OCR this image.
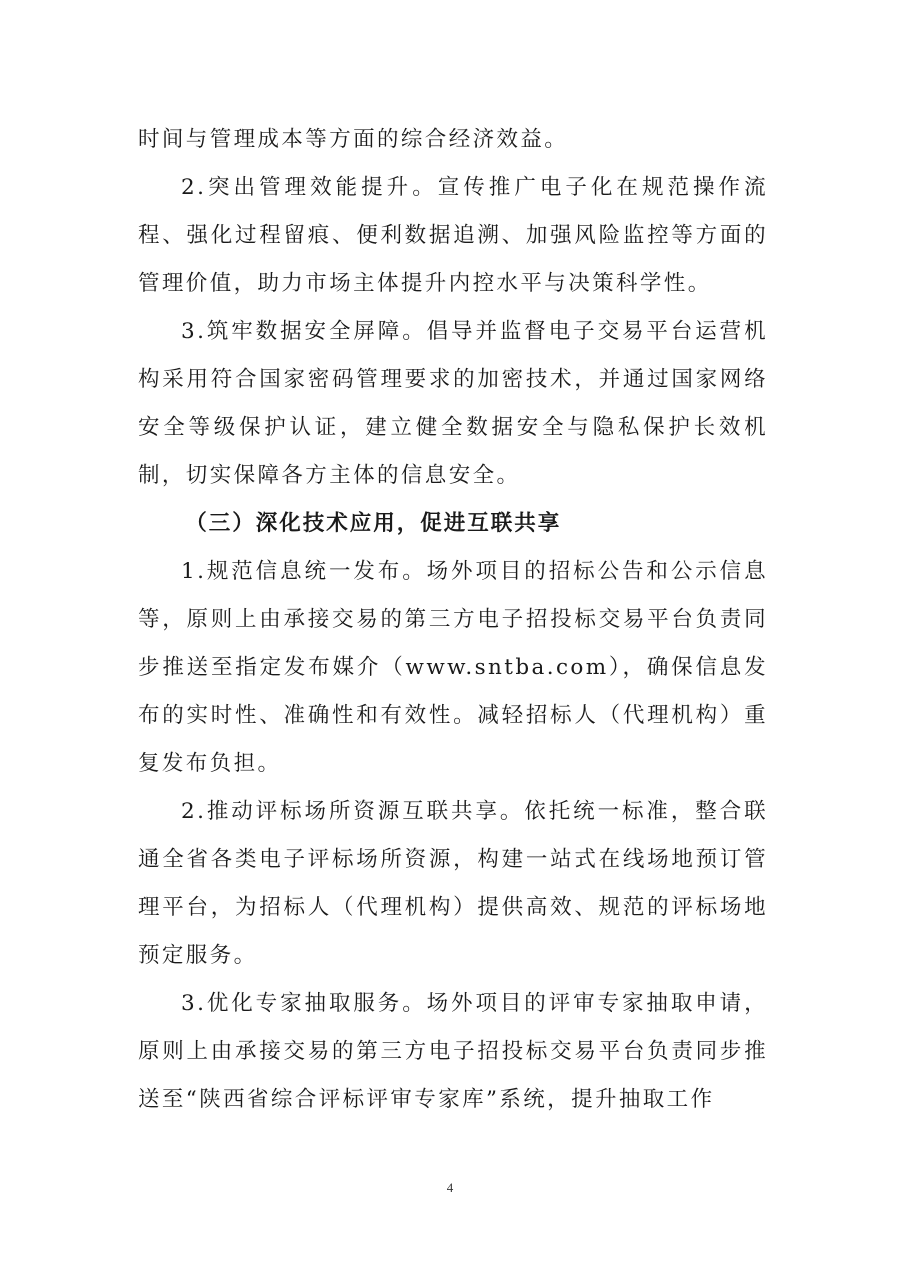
时间与管理成本等方面的综合经济效益。

2.突出管理效能提升。宣传推广电子化在规范操作流程、强化过程留痕、便利数据追溯、加强风险监控等方面的管理价值，助力市场主体提升内控水平与决策科学性。

3.筑牢数据安全屏障。倡导并监督电子交易平台运营机构采用符合国家密码管理要求的加密技术，并通过国家网络安全等级保护认证，建立健全数据安全与隐私保护长效机制，切实保障各方主体的信息安全。

（三）深化技术应用，促进互联共享

1.规范信息统一发布。场外项目的招标公告和公示信息等，原则上由承接交易的第三方电子招投标交易平台负责同步推送至指定发布媒介（www.sntba.com），确保信息发布的实时性、准确性和有效性。减轻招标人（代理机构）重复发布负担。

2.推动评标场所资源互联共享。依托统一标准，整合联通全省各类电子评标场所资源，构建一站式在线场地预订管理平台，为招标人（代理机构）提供高效、规范的评标场地预定服务。

3.优化专家抽取服务。场外项目的评审专家抽取申请，原则上由承接交易的第三方电子招投标交易平台负责同步推送至“陕西省综合评标评审专家库”系统，提升抽取工作

4
